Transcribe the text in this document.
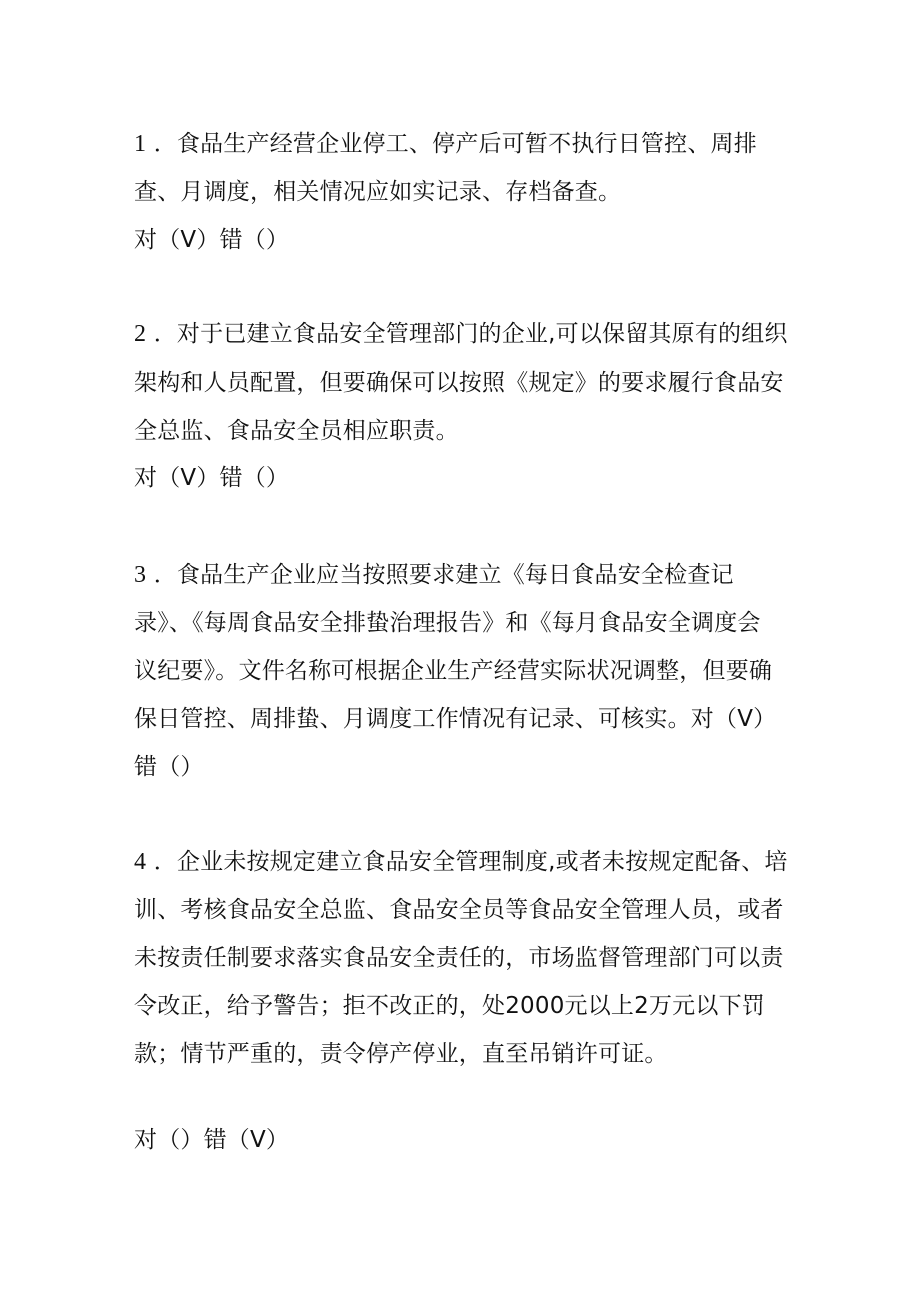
1 ．食品生产经营企业停工、停产后可暂不执行日管控、周排

查、月调度，相关情况应如实记录、存档备查。

对（V）错（）

2 ．对于已建立食品安全管理部门的企业,可以保留其原有的组织

架构和人员配置，但要确保可以按照《规定》的要求履行食品安

全总监、食品安全员相应职责。

对（V）错（）

3 ．食品生产企业应当按照要求建立《每日食品安全检查记

录》、《每周食品安全排蛰治理报告》和《每月食品安全调度会

议纪要》。文件名称可根据企业生产经营实际状况调整，但要确

保日管控、周排蛰、月调度工作情况有记录、可核实。对（V）

错（）

4 ．企业未按规定建立食品安全管理制度,或者未按规定配备、培

训、考核食品安全总监、食品安全员等食品安全管理人员，或者

未按责任制要求落实食品安全责任的，市场监督管理部门可以责

令改正，给予警告；拒不改正的，处2000元以上2万元以下罚

款；情节严重的，责令停产停业，直至吊销许可证。

对（）错（V）
